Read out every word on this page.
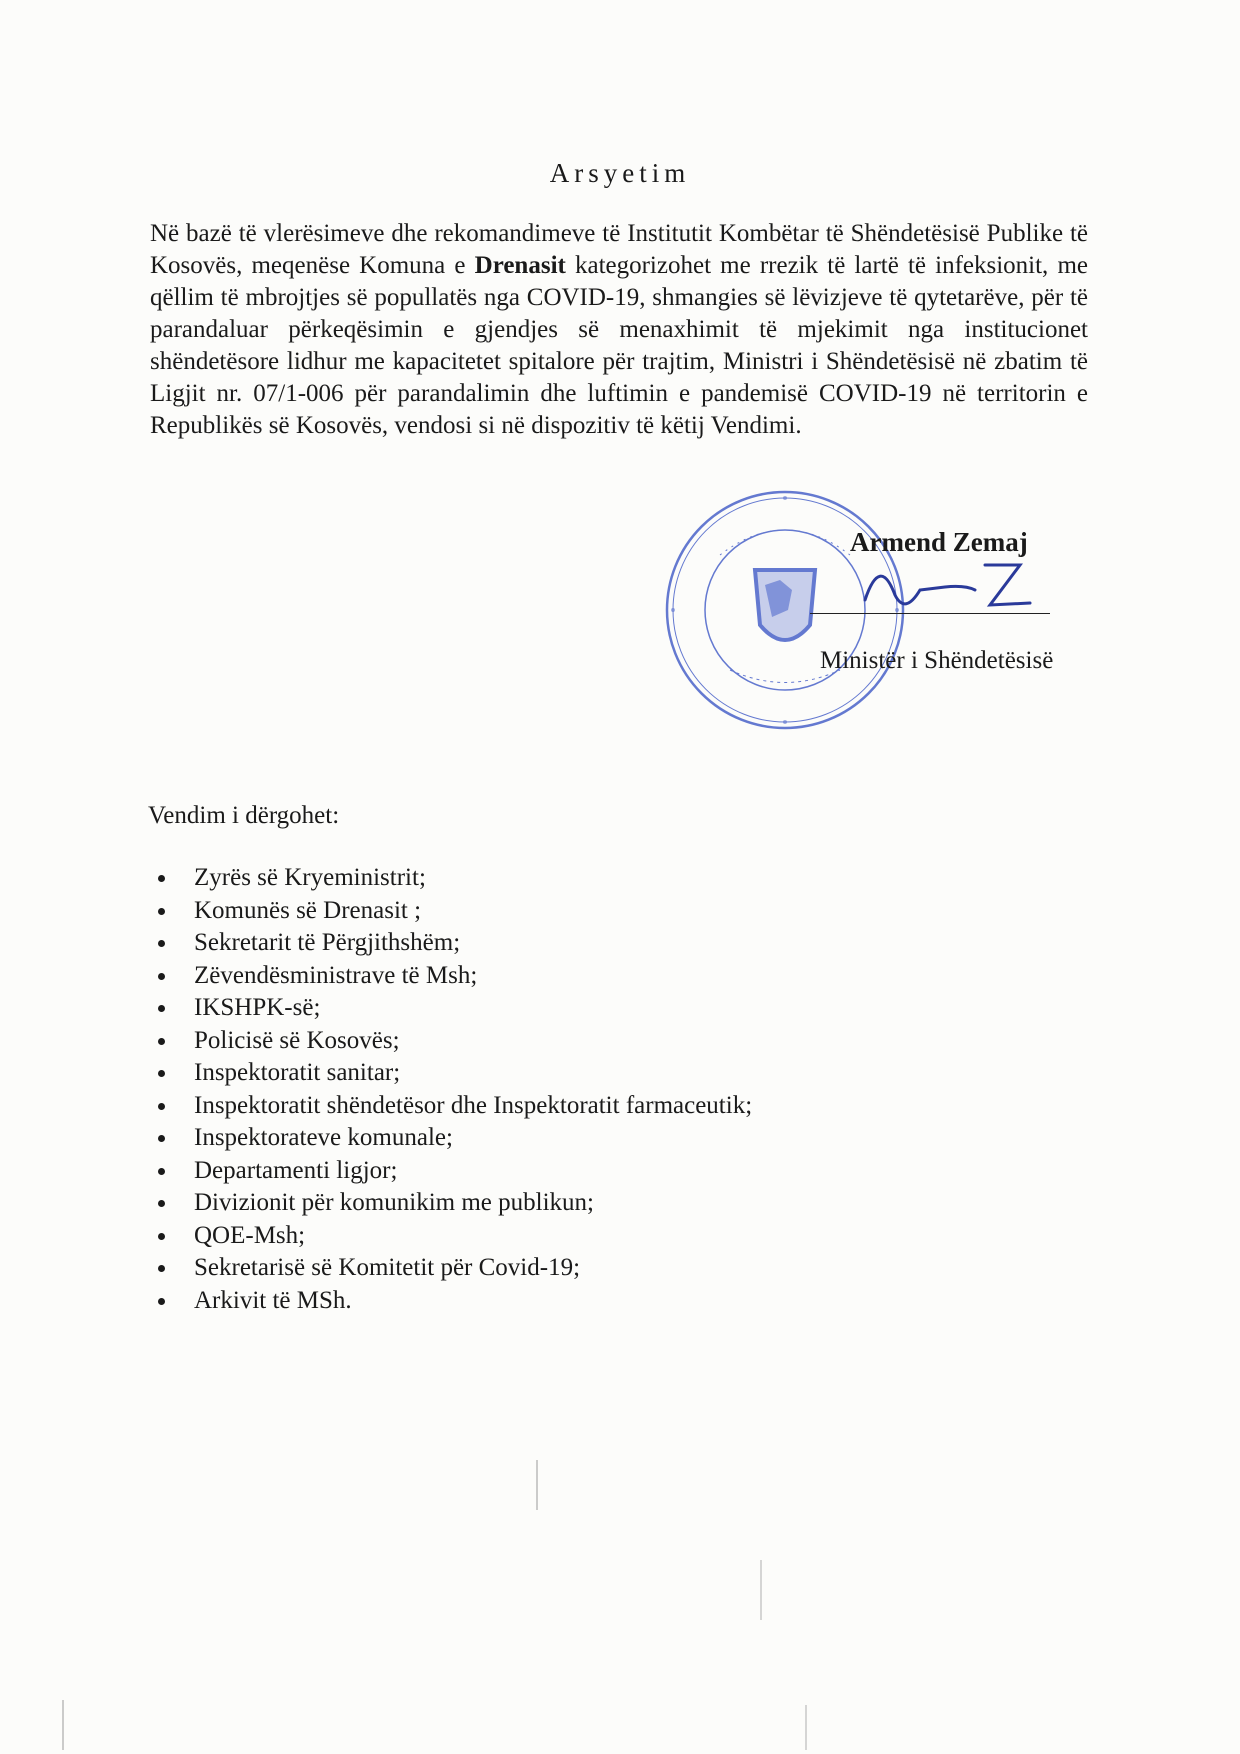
Arsyetim

Në bazë të vlerësimeve dhe rekomandimeve të Institutit Kombëtar të Shëndetësisë Publike të Kosovës, meqenëse Komuna e Drenasit kategorizohet me rrezik të lartë të infeksionit, me qëllim të mbrojtjes së popullatës nga COVID-19, shmangies së lëvizjeve të qytetarëve, për të parandaluar përkeqësimin e gjendjes së menaxhimit të mjekimit nga institucionet shëndetësore lidhur me kapacitetet spitalore për trajtim, Ministri i Shëndetësisë në zbatim të Ligjit nr. 07/1-006 për parandalimin dhe luftimin e pandemisë COVID-19 në territorin e Republikës së Kosovës, vendosi si në dispozitiv të këtij Vendimi.

Armend Zemaj
Ministër i Shëndetësisë
Vendim i dërgohet:
Zyrës së Kryeministrit;
Komunës së Drenasit ;
Sekretarit të Përgjithshëm;
Zëvendësministrave të Msh;
IKSHPK-së;
Policisë së Kosovës;
Inspektoratit sanitar;
Inspektoratit shëndetësor dhe Inspektoratit farmaceutik;
Inspektorateve komunale;
Departamenti ligjor;
Divizionit për komunikim me publikun;
QOE-Msh;
Sekretarisë së Komitetit për Covid-19;
Arkivit të MSh.
